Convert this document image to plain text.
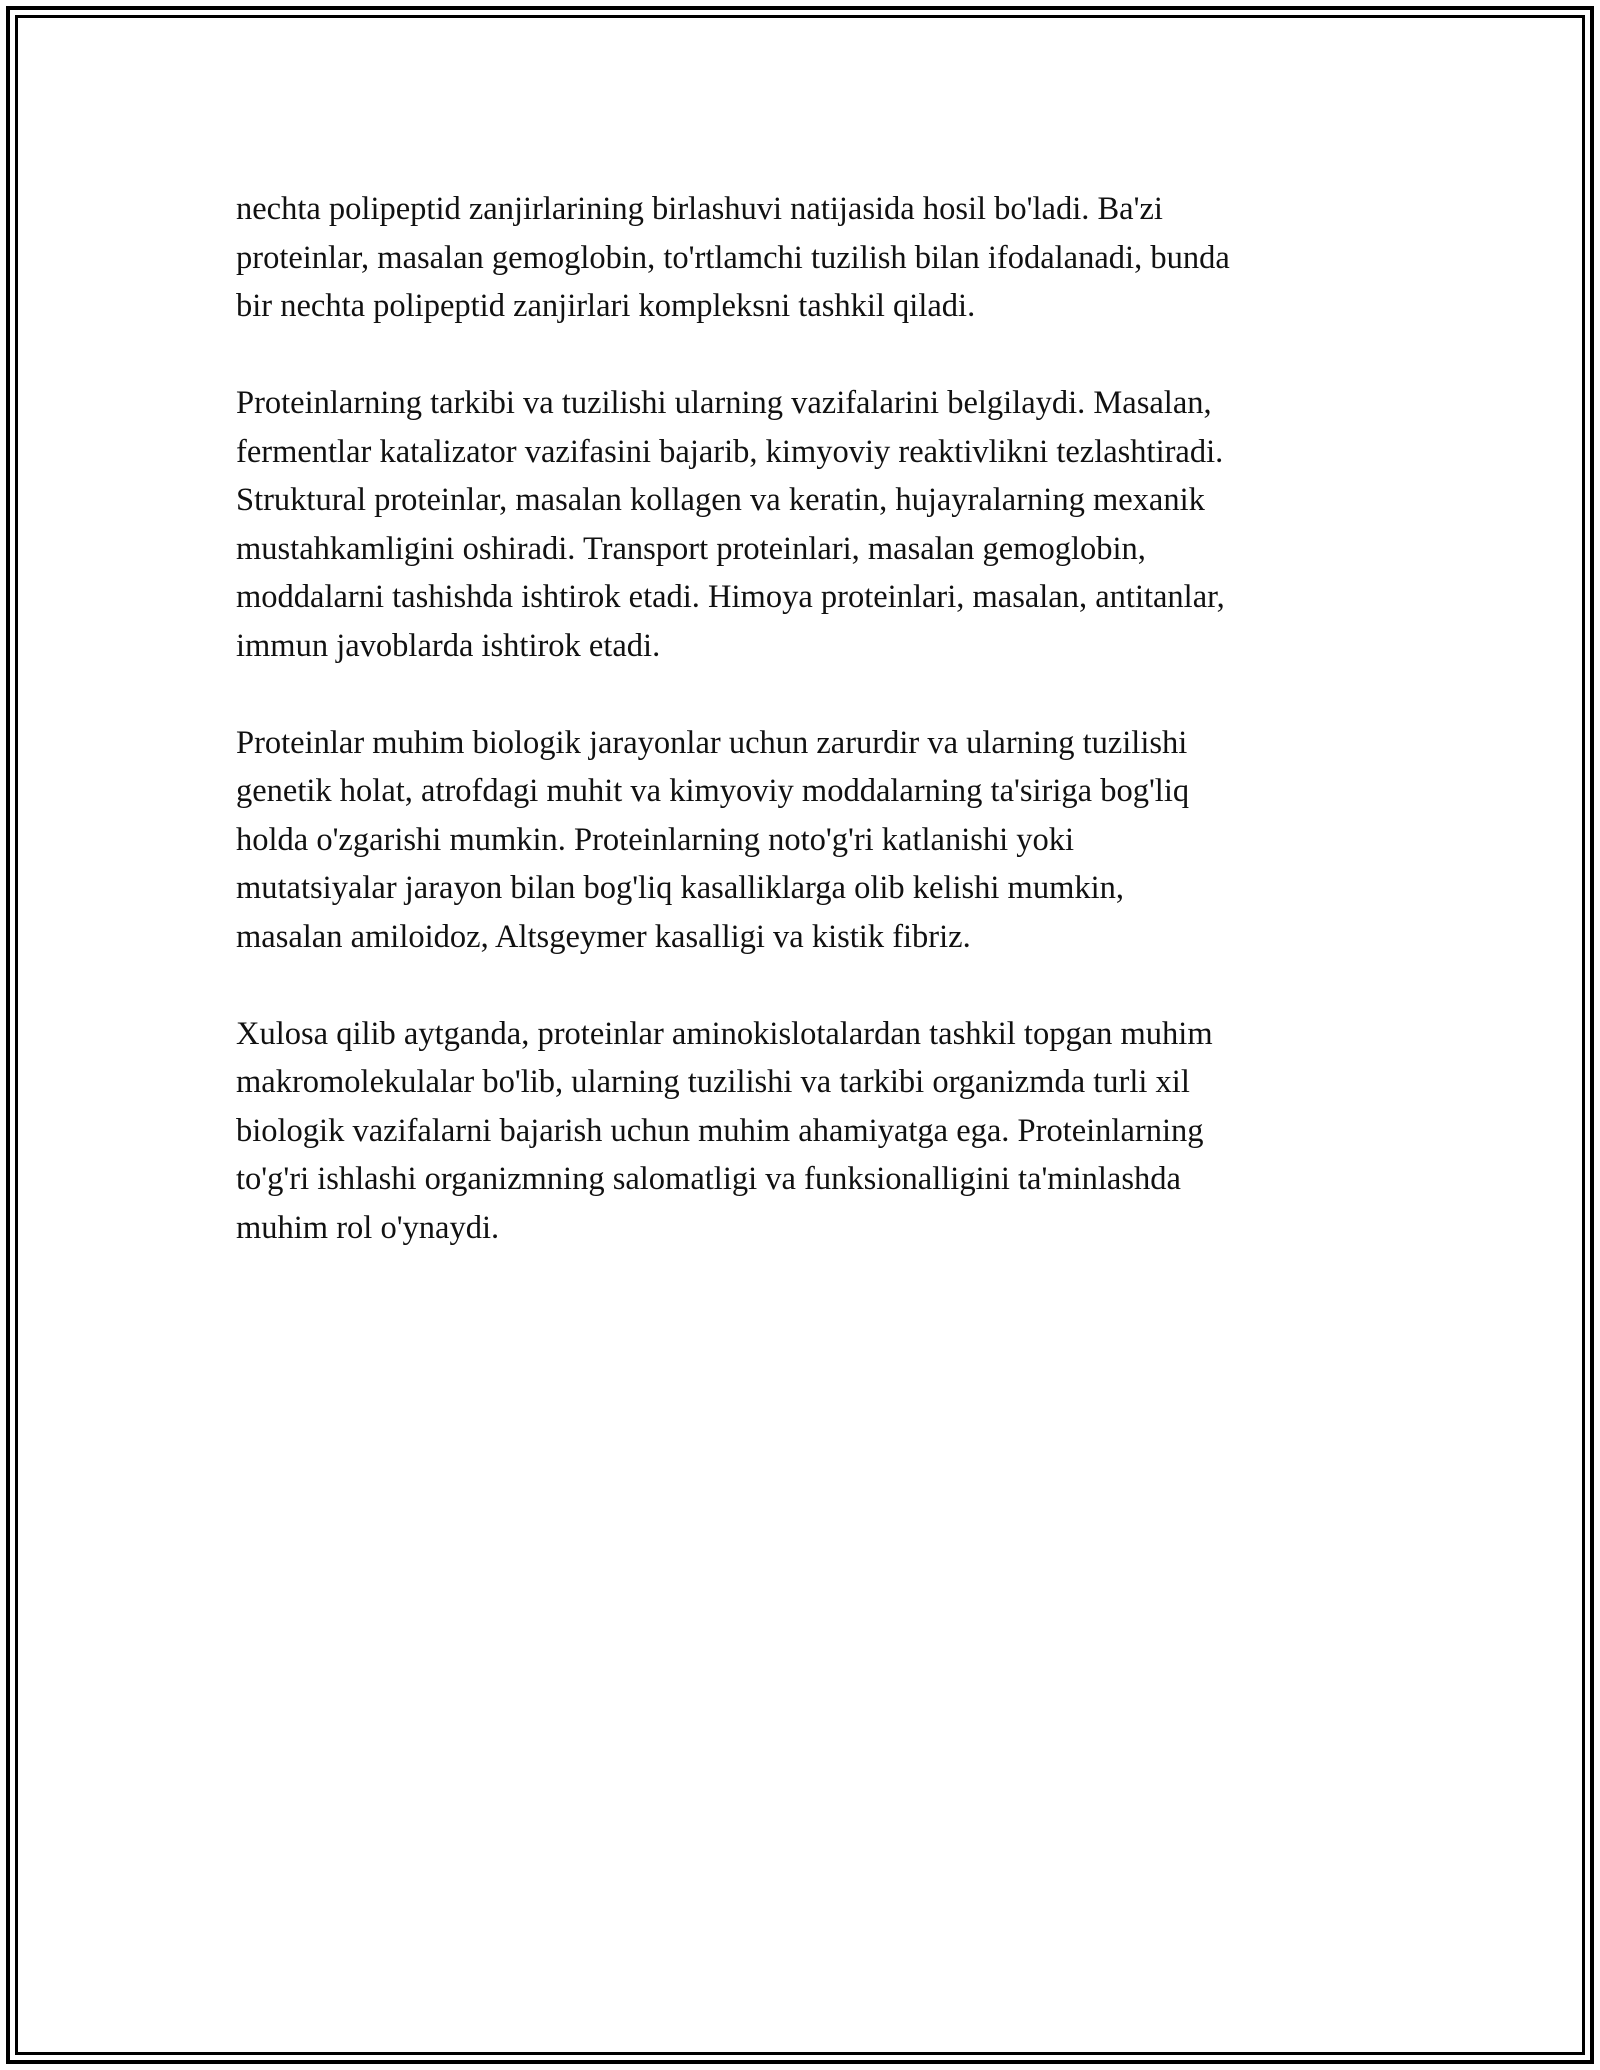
nechta polipeptid zanjirlarining birlashuvi natijasida hosil bo'ladi. Ba'zi
proteinlar, masalan gemoglobin, to'rtlamchi tuzilish bilan ifodalanadi, bunda
bir nechta polipeptid zanjirlari kompleksni tashkil qiladi.
Proteinlarning tarkibi va tuzilishi ularning vazifalarini belgilaydi. Masalan,
fermentlar katalizator vazifasini bajarib, kimyoviy reaktivlikni tezlashtiradi.
Struktural proteinlar, masalan kollagen va keratin, hujayralarning mexanik
mustahkamligini oshiradi. Transport proteinlari, masalan gemoglobin,
moddalarni tashishda ishtirok etadi. Himoya proteinlari, masalan, antitanlar,
immun javoblarda ishtirok etadi.
Proteinlar muhim biologik jarayonlar uchun zarurdir va ularning tuzilishi
genetik holat, atrofdagi muhit va kimyoviy moddalarning ta'siriga bog'liq
holda o'zgarishi mumkin. Proteinlarning noto'g'ri katlanishi yoki
mutatsiyalar jarayon bilan bog'liq kasalliklarga olib kelishi mumkin,
masalan amiloidoz, Altsgeymer kasalligi va kistik fibriz.
Xulosa qilib aytganda, proteinlar aminokislotalardan tashkil topgan muhim
makromolekulalar bo'lib, ularning tuzilishi va tarkibi organizmda turli xil
biologik vazifalarni bajarish uchun muhim ahamiyatga ega. Proteinlarning
to'g'ri ishlashi organizmning salomatligi va funksionalligini ta'minlashda
muhim rol o'ynaydi.
